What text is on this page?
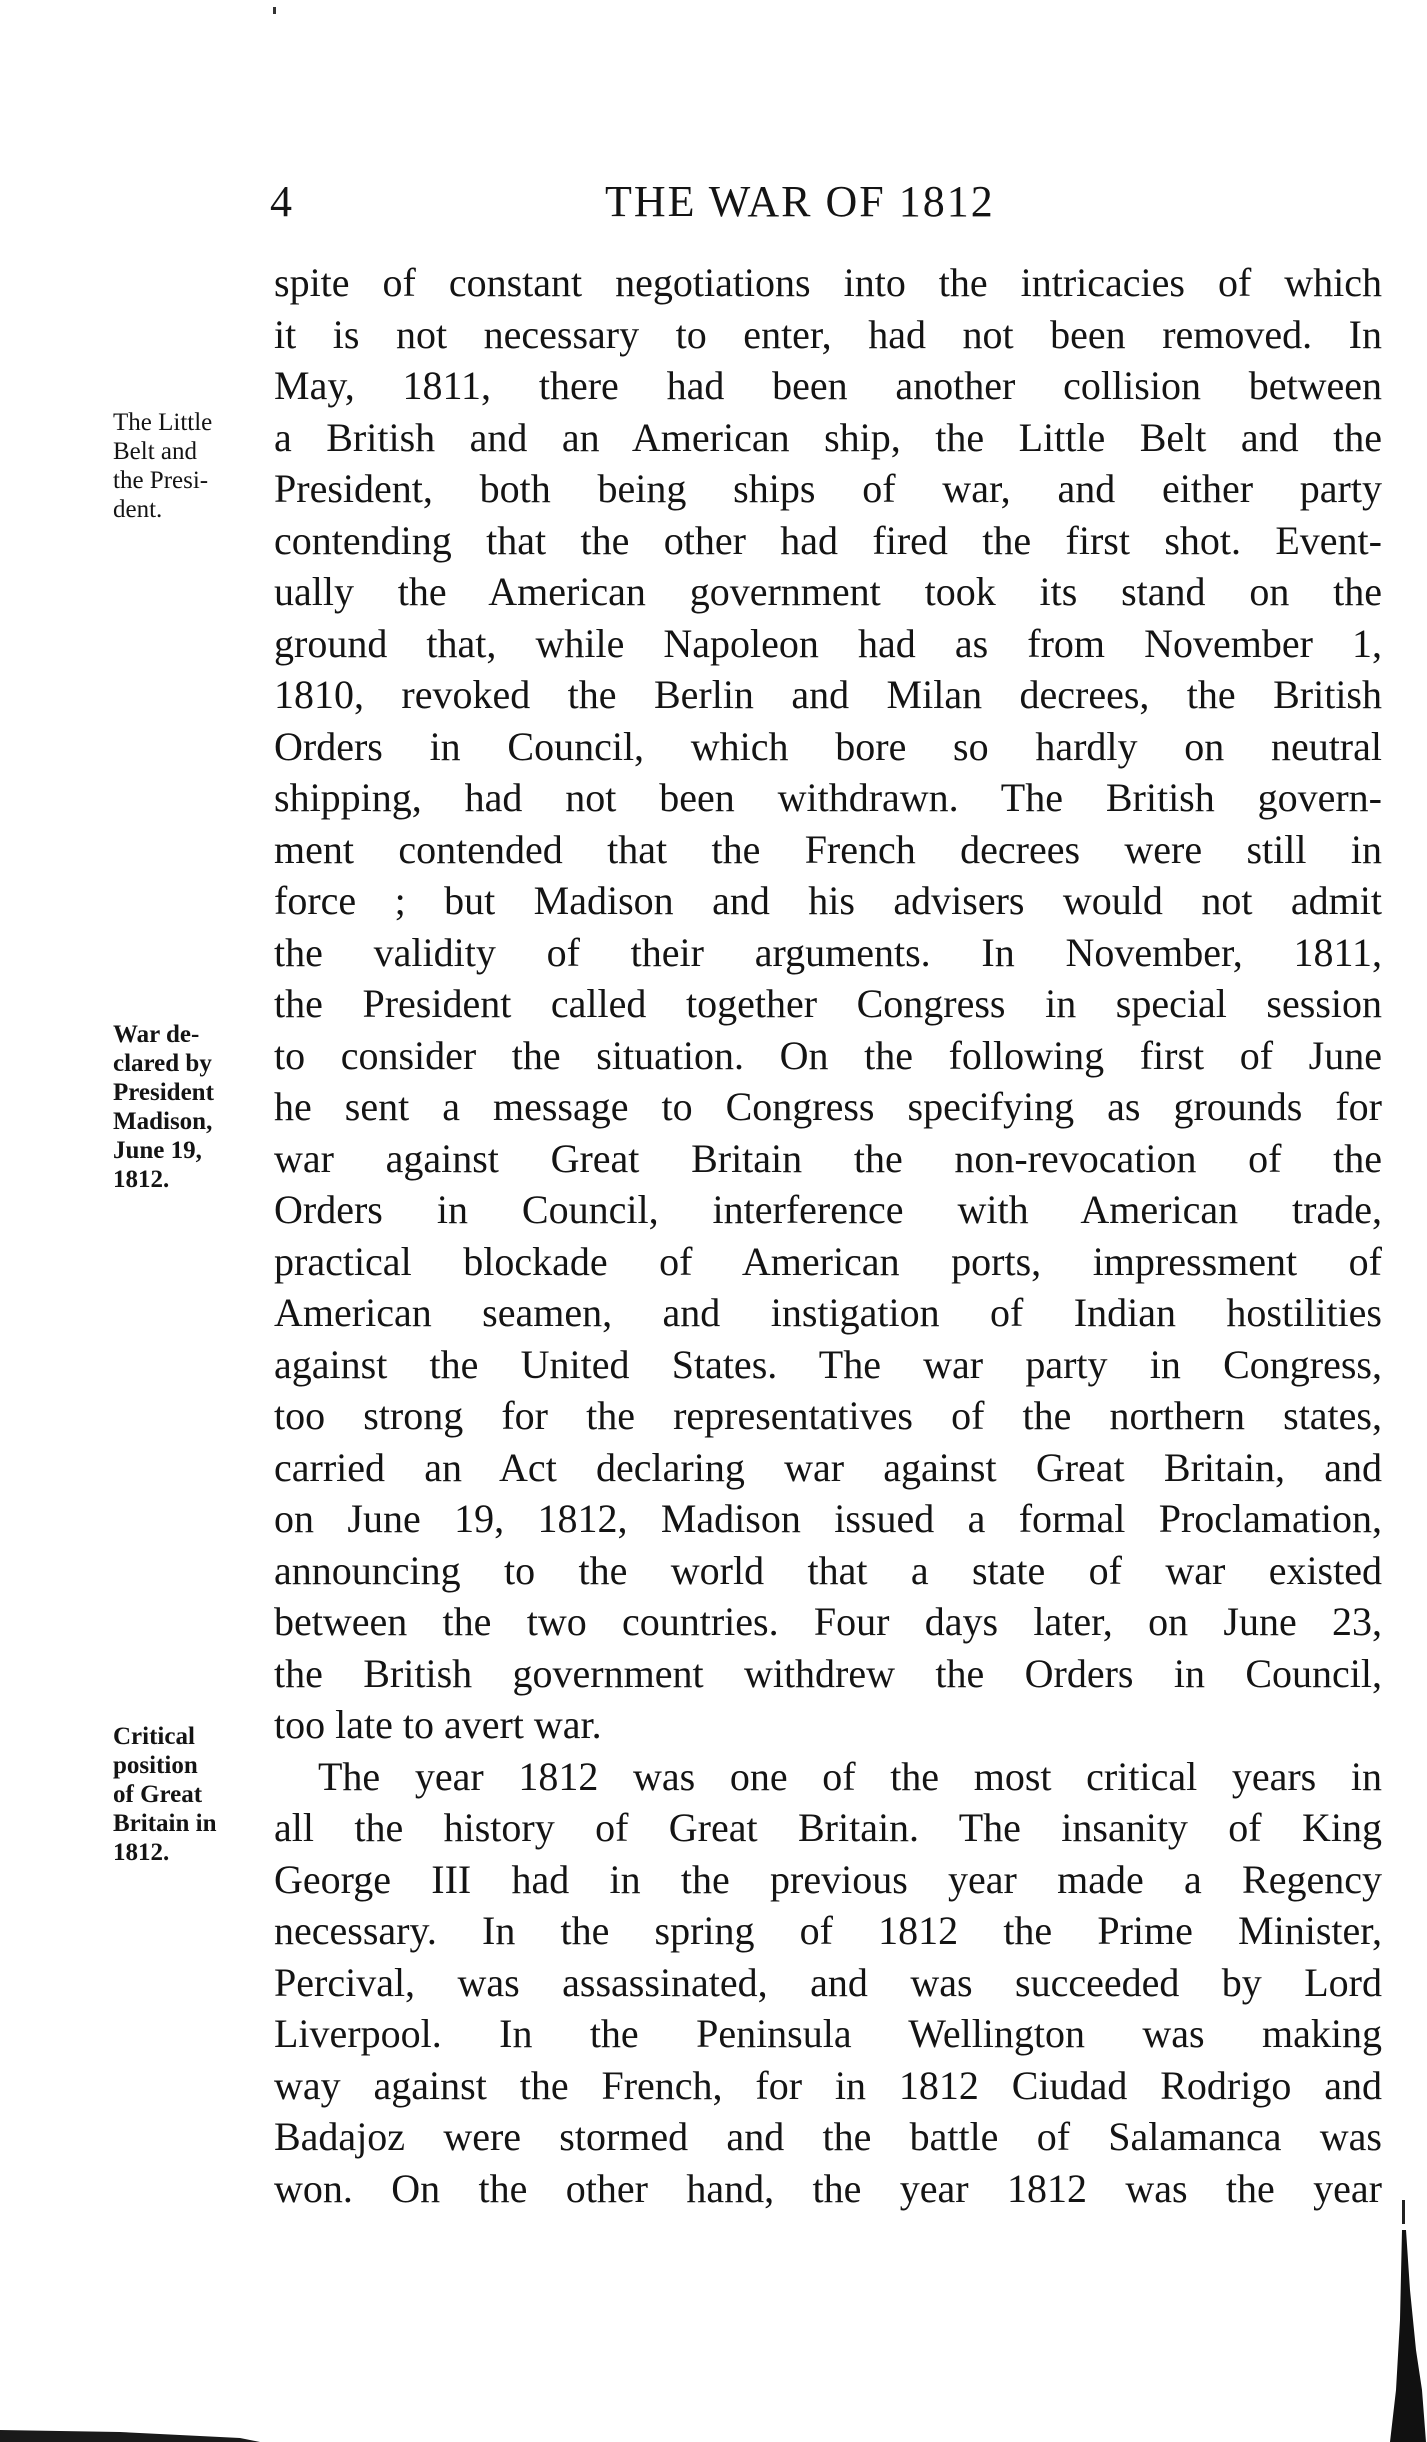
4	THE WAR OF 1812
The Little
Belt and
the Presi-
dent.
War de-
clared by
President
Madison,
June 19,
1812.
Critical
position
of Great
Britain in
1812.
spite of constant negotiations into the intricacies of which
it is not necessary to enter, had not been removed. In
May, 1811, there had been another collision between
a British and an American ship, the Little Belt and the
President, both being ships of war, and either party
contending that the other had fired the first shot. Event-
ually the American government took its stand on the
ground that, while Napoleon had as from November 1,
1810, revoked the Berlin and Milan decrees, the British
Orders in Council, which bore so hardly on neutral
shipping, had not been withdrawn. The British govern-
ment contended that the French decrees were still in
force ; but Madison and his advisers would not admit
the validity of their arguments. In November, 1811,
the President called together Congress in special session
to consider the situation. On the following first of June
he sent a message to Congress specifying as grounds for
war against Great Britain the non-revocation of the
Orders in Council, interference with American trade,
practical blockade of American ports, impressment of
American seamen, and instigation of Indian hostilities
against the United States. The war party in Congress,
too strong for the representatives of the northern states,
carried an Act declaring war against Great Britain, and
on June 19, 1812, Madison issued a formal Proclamation,
announcing to the world that a state of war existed
between the two countries. Four days later, on June 23,
the British government withdrew the Orders in Council,
too late to avert war.
The year 1812 was one of the most critical years in
all the history of Great Britain. The insanity of King
George III had in the previous year made a Regency
necessary. In the spring of 1812 the Prime Minister,
Percival, was assassinated, and was succeeded by Lord
Liverpool. In the Peninsula Wellington was making
way against the French, for in 1812 Ciudad Rodrigo and
Badajoz were stormed and the battle of Salamanca was
won. On the other hand, the year 1812 was the year
